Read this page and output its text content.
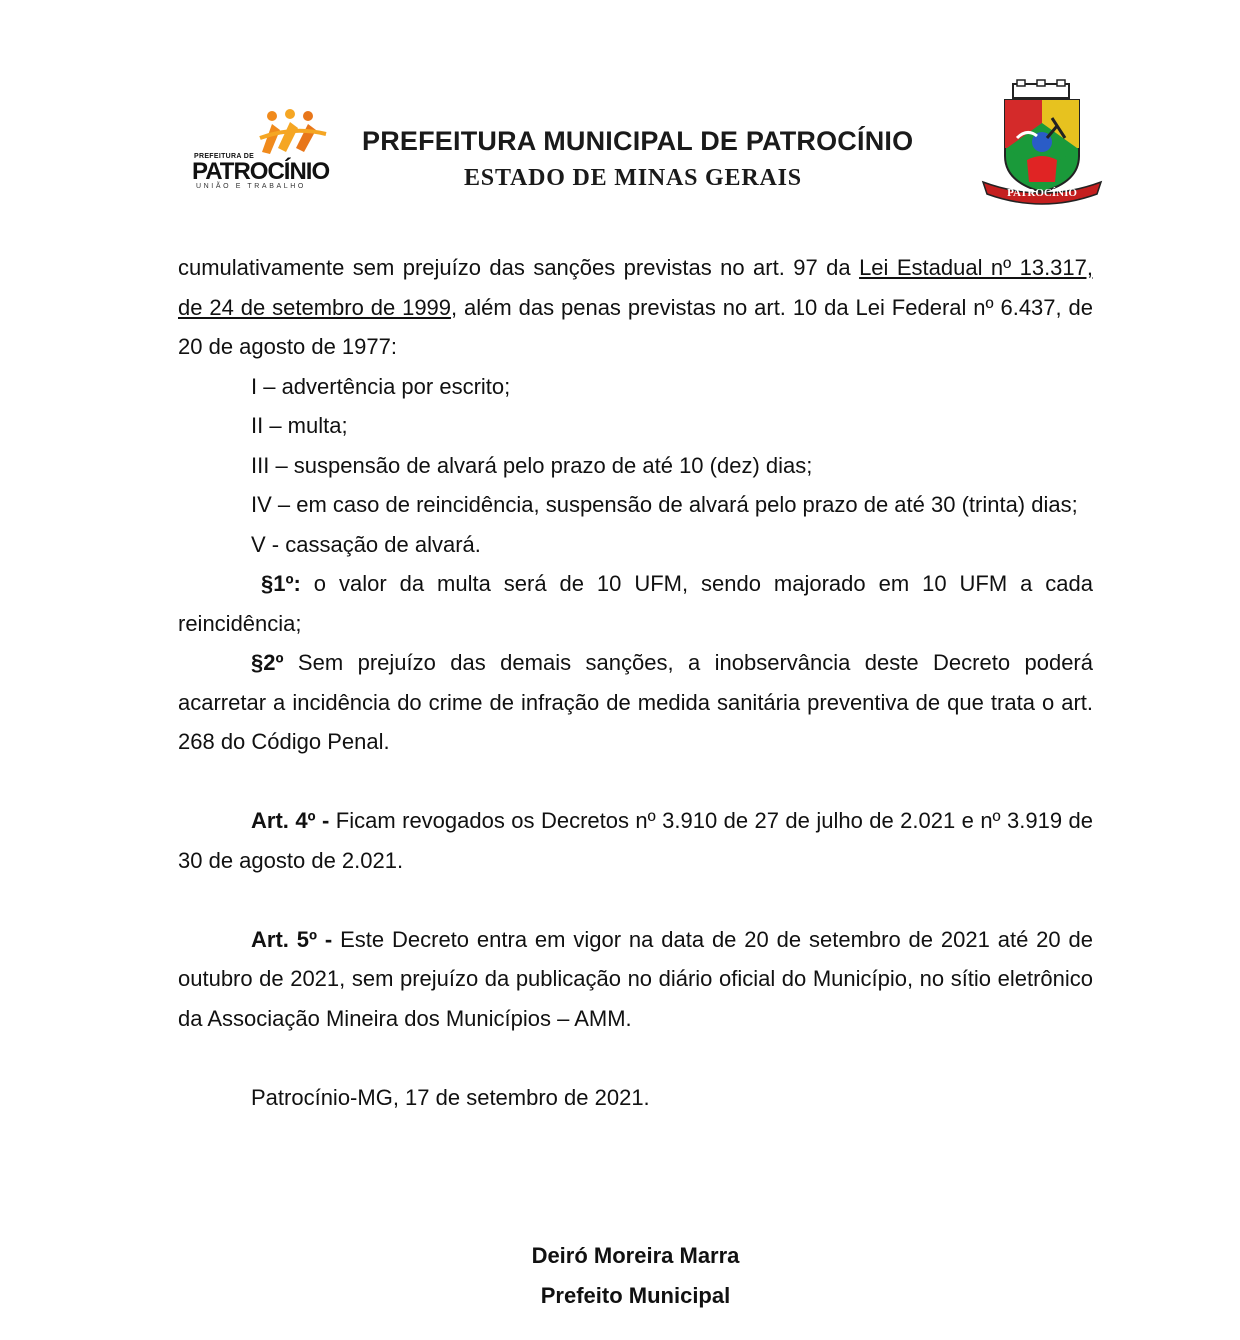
PREFEITURA DE
PATROCÍNIO
UNIÃO E TRABALHO
PREFEITURA MUNICIPAL DE PATROCÍNIO
ESTADO DE MINAS GERAIS
PATROCÍNIO

cumulativamente sem prejuízo das sanções previstas no art. 97 da Lei Estadual nº 13.317, de 24 de setembro de 1999, além das penas previstas no art. 10 da Lei Federal nº 6.437, de 20 de agosto de 1977:

I – advertência por escrito;

II – multa;

III – suspensão de alvará pelo prazo de até 10 (dez) dias;

IV – em caso de reincidência, suspensão de alvará pelo prazo de até 30 (trinta) dias;

V - cassação de alvará.

§1º: o valor da multa será de 10 UFM, sendo majorado em 10 UFM a cada reincidência;

§2º Sem prejuízo das demais sanções, a inobservância deste Decreto poderá acarretar a incidência do crime de infração de medida sanitária preventiva de que trata o art. 268 do Código Penal.

Art. 4º - Ficam revogados os Decretos nº 3.910 de 27 de julho de 2.021 e nº 3.919 de 30 de agosto de 2.021.

Art. 5º - Este Decreto entra em vigor na data de 20 de setembro de 2021 até 20 de outubro de 2021, sem prejuízo da publicação no diário oficial do Município, no sítio eletrônico da Associação Mineira dos Municípios – AMM.

Patrocínio-MG, 17 de setembro de 2021.

Deiró Moreira Marra

Prefeito Municipal
